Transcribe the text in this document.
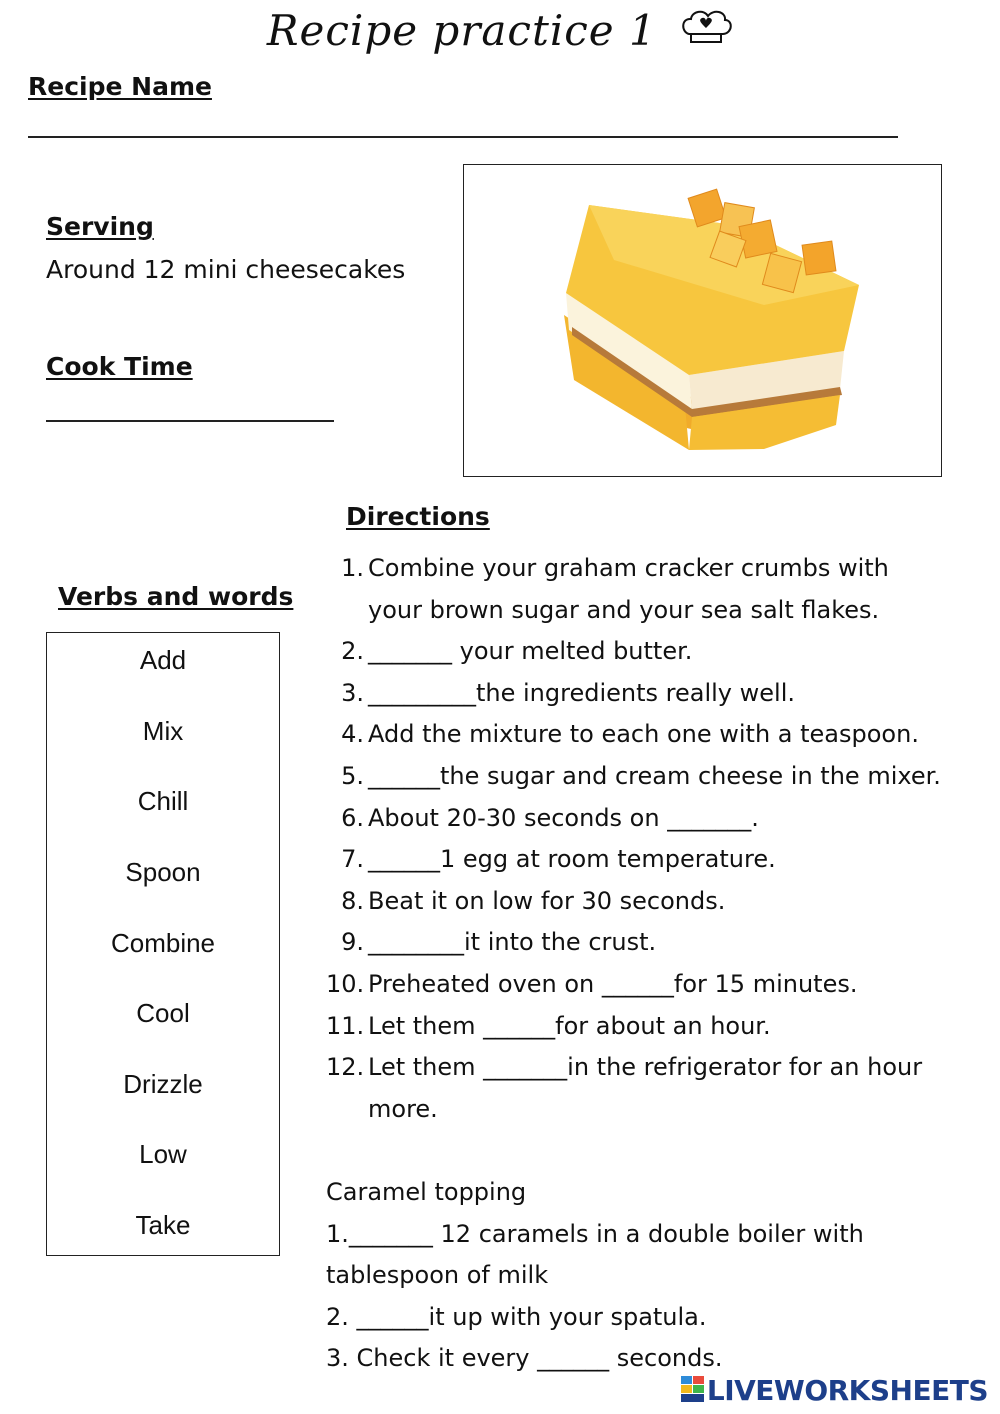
Recipe practice 1
Recipe Name
Serving
Around 12 mini cheesecakes
Cook Time
Directions
Verbs and words
Add
Mix
Chill
Spoon
Combine
Cool
Drizzle
Low
Take
1. Combine your graham cracker crumbs with your brown sugar and your sea salt flakes.
2. _______ your melted butter.
3. _________the ingredients really well.
4. Add the mixture to each one with a teaspoon.
5. ______the sugar and cream cheese in the mixer.
6. About 20-30 seconds on _______.
7. ______1 egg at room temperature.
8. Beat it on low for 30 seconds.
9. ________it into the crust.
10. Preheated oven on ______for 15 minutes.
11. Let them ______for about an hour.
12. Let them _______in the refrigerator for an hour more.
Caramel topping
1._______ 12 caramels in a double boiler with tablespoon of milk
2. ______it up with your spatula.
3. Check it every ______ seconds.
LIVEWORKSHEETS
